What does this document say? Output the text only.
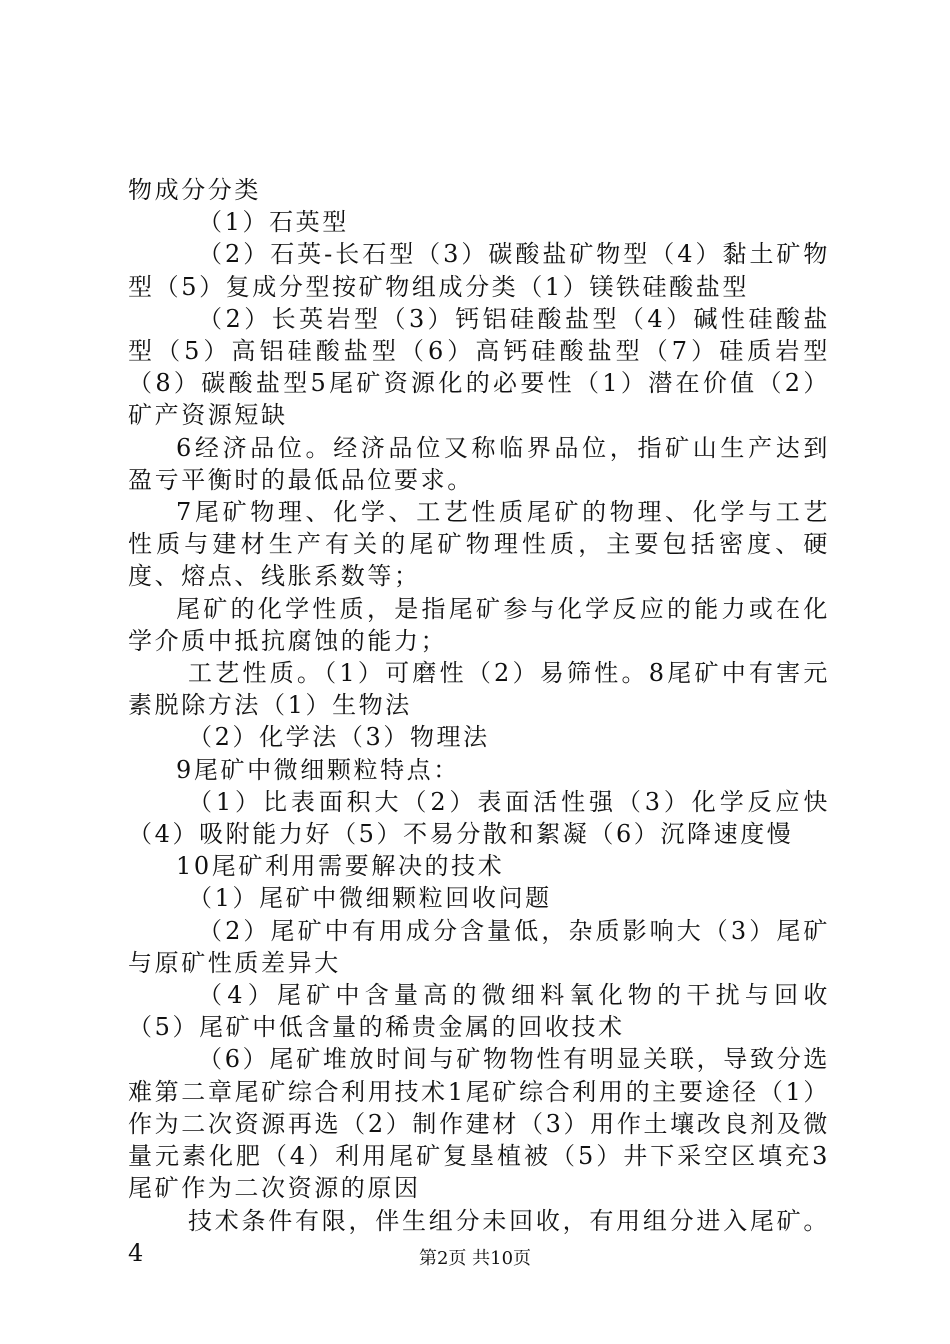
物成分分类

（1）石英型

（2）石英-长石型（3）碳酸盐矿物型（4）黏土矿物型（5）复成分型按矿物组成分类（1）镁铁硅酸盐型

（2）长英岩型（3）钙铝硅酸盐型（4）碱性硅酸盐型（5）高铝硅酸盐型（6）高钙硅酸盐型（7）硅质岩型（8）碳酸盐型5尾矿资源化的必要性（1）潜在价值（2）矿产资源短缺

6经济品位。经济品位又称临界品位，指矿山生产达到盈亏平衡时的最低品位要求。

7尾矿物理、化学、工艺性质尾矿的物理、化学与工艺性质与建材生产有关的尾矿物理性质，主要包括密度、硬度、熔点、线胀系数等；

尾矿的化学性质，是指尾矿参与化学反应的能力或在化学介质中抵抗腐蚀的能力；

工艺性质。（1）可磨性（2）易筛性。8尾矿中有害元素脱除方法（1）生物法

（2）化学法（3）物理法

9尾矿中微细颗粒特点：

（1）比表面积大（2）表面活性强（3）化学反应快（4）吸附能力好（5）不易分散和絮凝（6）沉降速度慢

10尾矿利用需要解决的技术

（1）尾矿中微细颗粒回收问题

（2）尾矿中有用成分含量低，杂质影响大（3）尾矿与原矿性质差异大

（4）尾矿中含量高的微细料氧化物的干扰与回收（5）尾矿中低含量的稀贵金属的回收技术

（6）尾矿堆放时间与矿物物性有明显关联，导致分选难第二章尾矿综合利用技术1尾矿综合利用的主要途径（1）作为二次资源再选（2）制作建材（3）用作土壤改良剂及微量元素化肥（4）利用尾矿复垦植被（5）井下采空区填充3尾矿作为二次资源的原因

技术条件有限，伴生组分未回收，有用组分进入尾矿。4	第2页 共10页
